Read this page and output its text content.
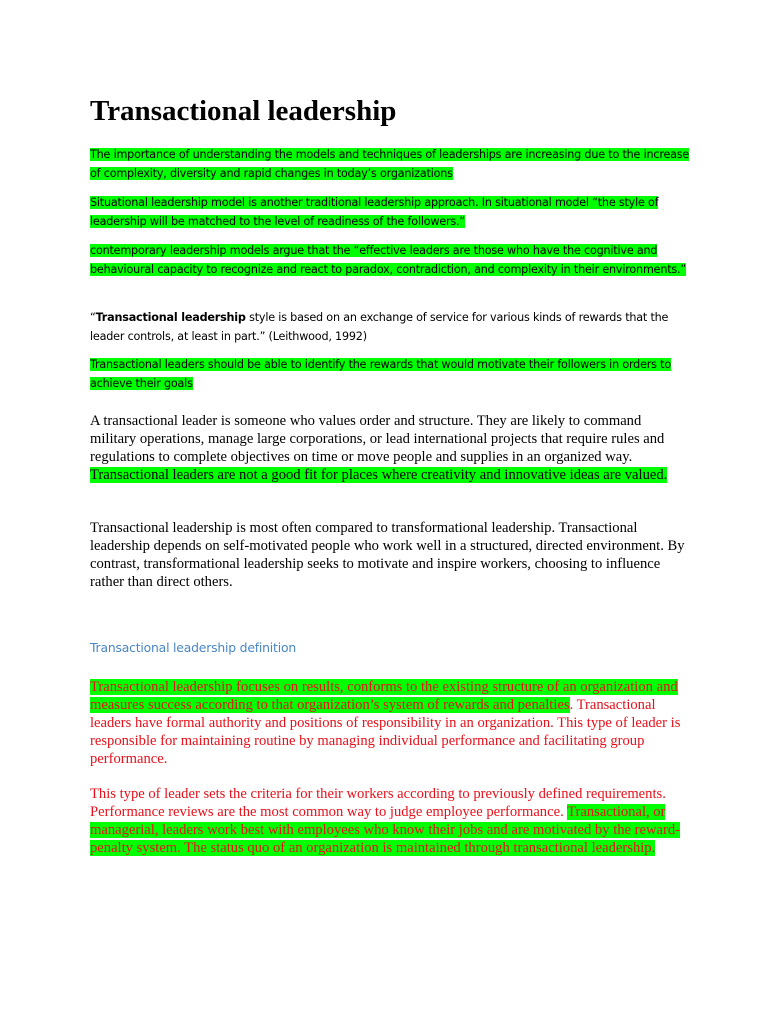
Transactional leadership

The importance of understanding the models and techniques of leaderships are increasing due to the increase of complexity, diversity and rapid changes in today’s organizations

Situational leadership model is another traditional leadership approach. In situational model “the style of leadership will be matched to the level of readiness of the followers.”

contemporary leadership models argue that the “effective leaders are those who have the cognitive and behavioural capacity to recognize and react to paradox, contradiction, and complexity in their environments.”

“Transactional leadership style is based on an exchange of service for various kinds of rewards that the leader controls, at least in part.” (Leithwood, 1992)

Transactional leaders should be able to identify the rewards that would motivate their followers in orders to achieve their goals

A transactional leader is someone who values order and structure. They are likely to command military operations, manage large corporations, or lead international projects that require rules and regulations to complete objectives on time or move people and supplies in an organized way. Transactional leaders are not a good fit for places where creativity and innovative ideas are valued.

Transactional leadership is most often compared to transformational leadership. Transactional leadership depends on self-motivated people who work well in a structured, directed environment. By contrast, transformational leadership seeks to motivate and inspire workers, choosing to influence rather than direct others.

Transactional leadership definition

Transactional leadership focuses on results, conforms to the existing structure of an organization and measures success according to that organization’s system of rewards and penalties. Transactional leaders have formal authority and positions of responsibility in an organization. This type of leader is responsible for maintaining routine by managing individual performance and facilitating group performance.

This type of leader sets the criteria for their workers according to previously defined requirements. Performance reviews are the most common way to judge employee performance. Transactional, or managerial, leaders work best with employees who know their jobs and are motivated by the reward-penalty system. The status quo of an organization is maintained through transactional leadership.
